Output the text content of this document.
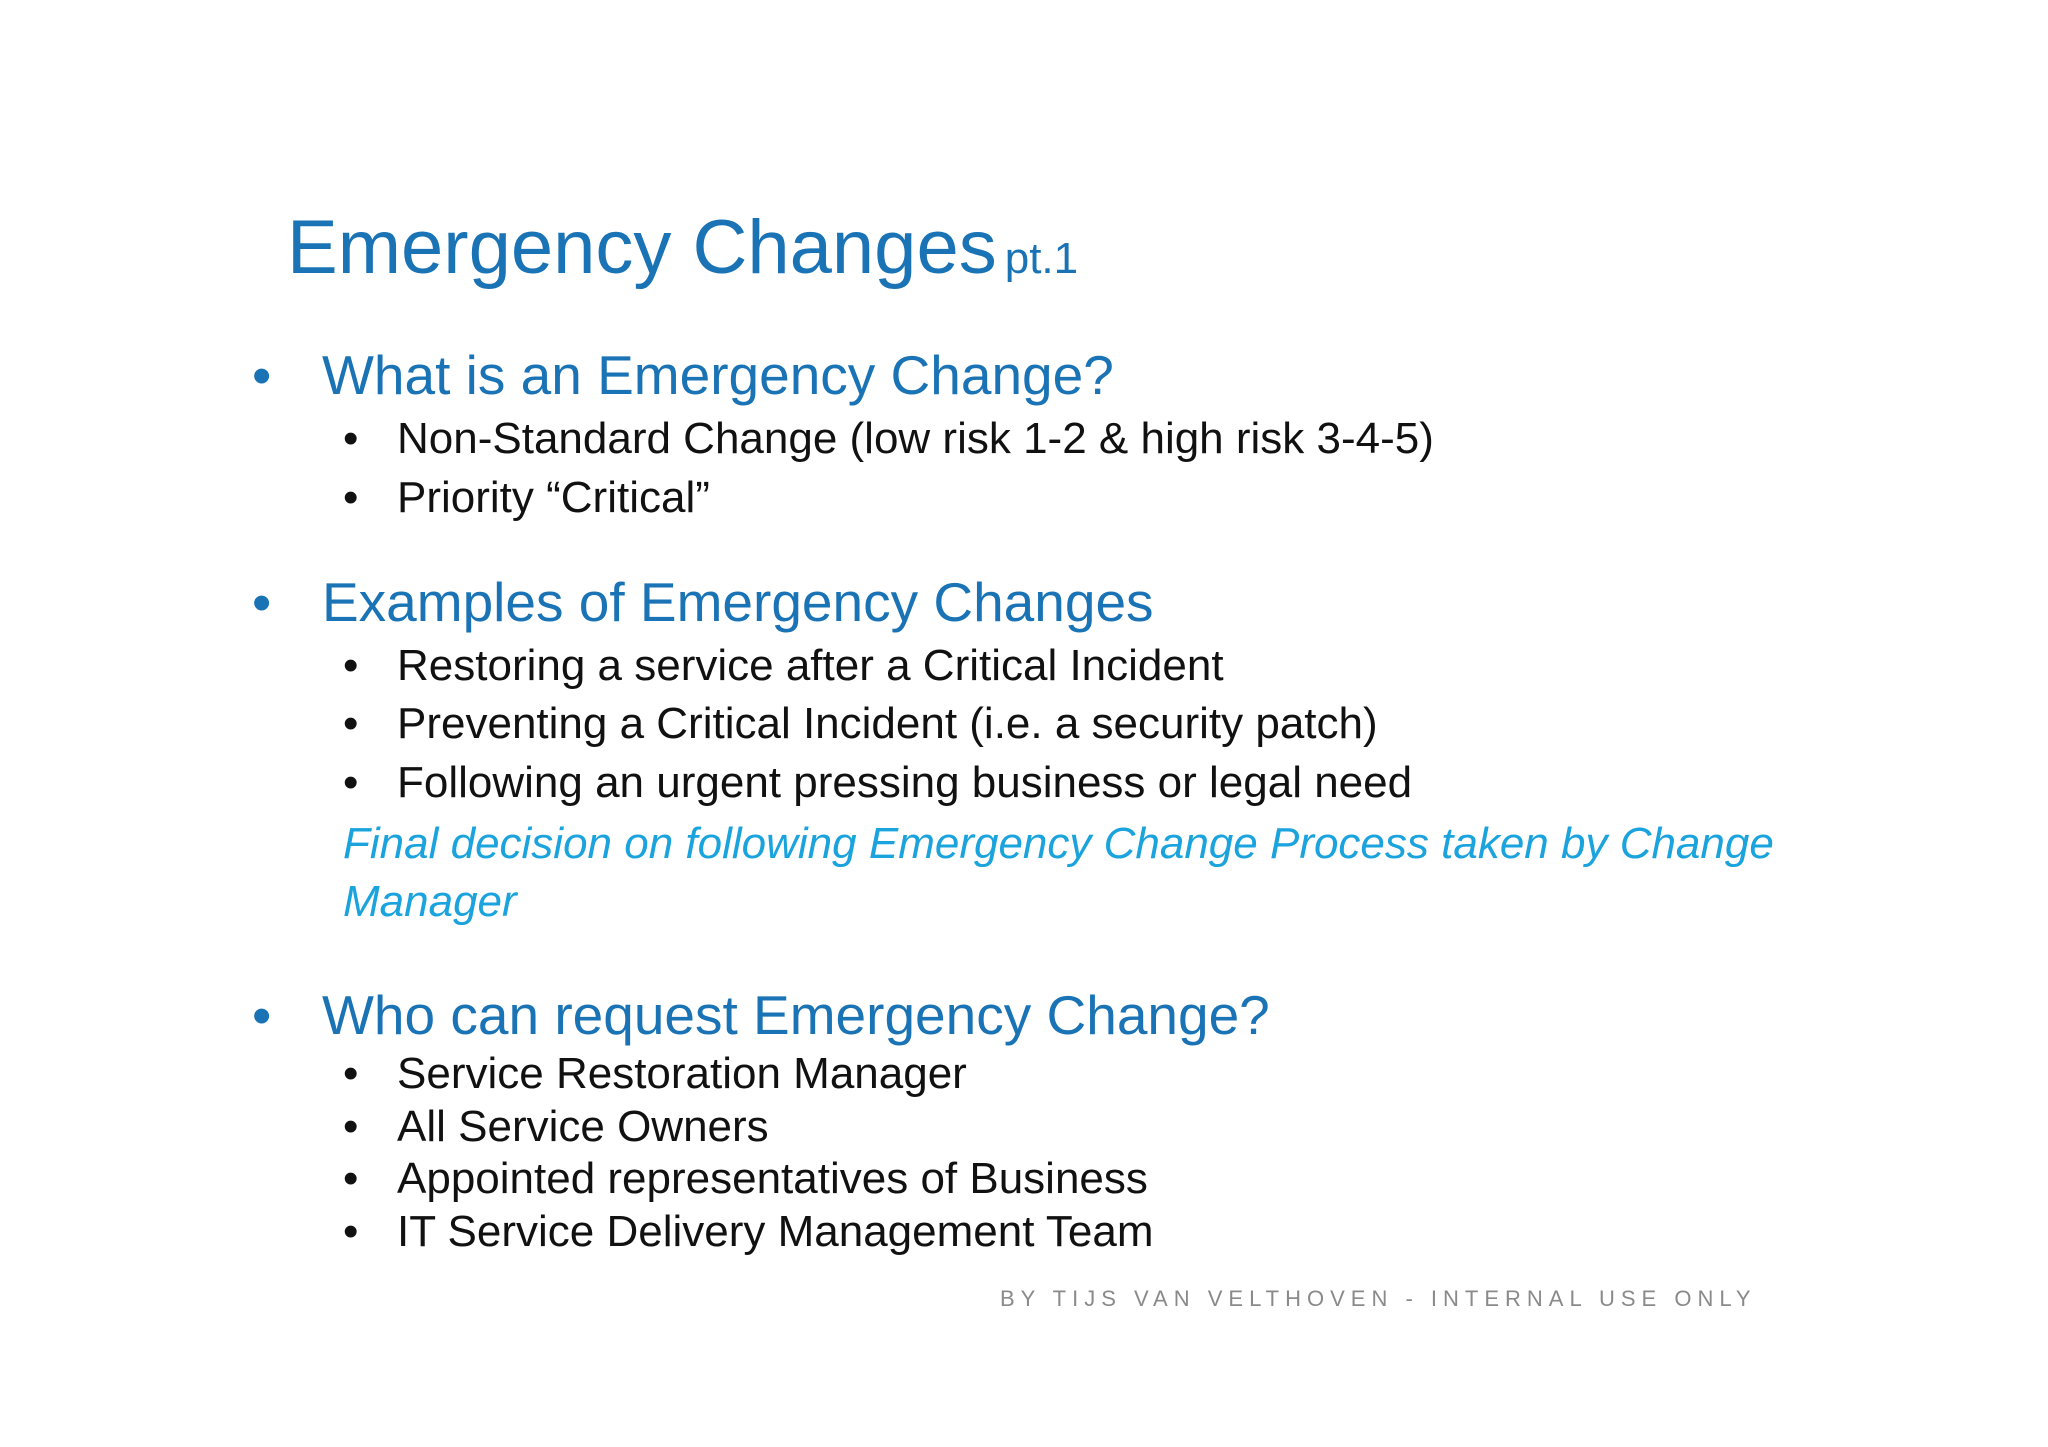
Emergency Changes pt.1
• What is an Emergency Change?
• Non-Standard Change (low risk 1-2 & high risk 3-4-5)
• Priority “Critical”
• Examples of Emergency Changes
• Restoring a service after a Critical Incident
• Preventing a Critical Incident (i.e. a security patch)
• Following an urgent pressing business or legal need
Final decision on following Emergency Change Process taken by Change Manager
• Who can request Emergency Change?
• Service Restoration Manager
• All Service Owners
• Appointed representatives of Business
• IT Service Delivery Management Team
BY TIJS VAN VELTHOVEN - INTERNAL USE ONLY
